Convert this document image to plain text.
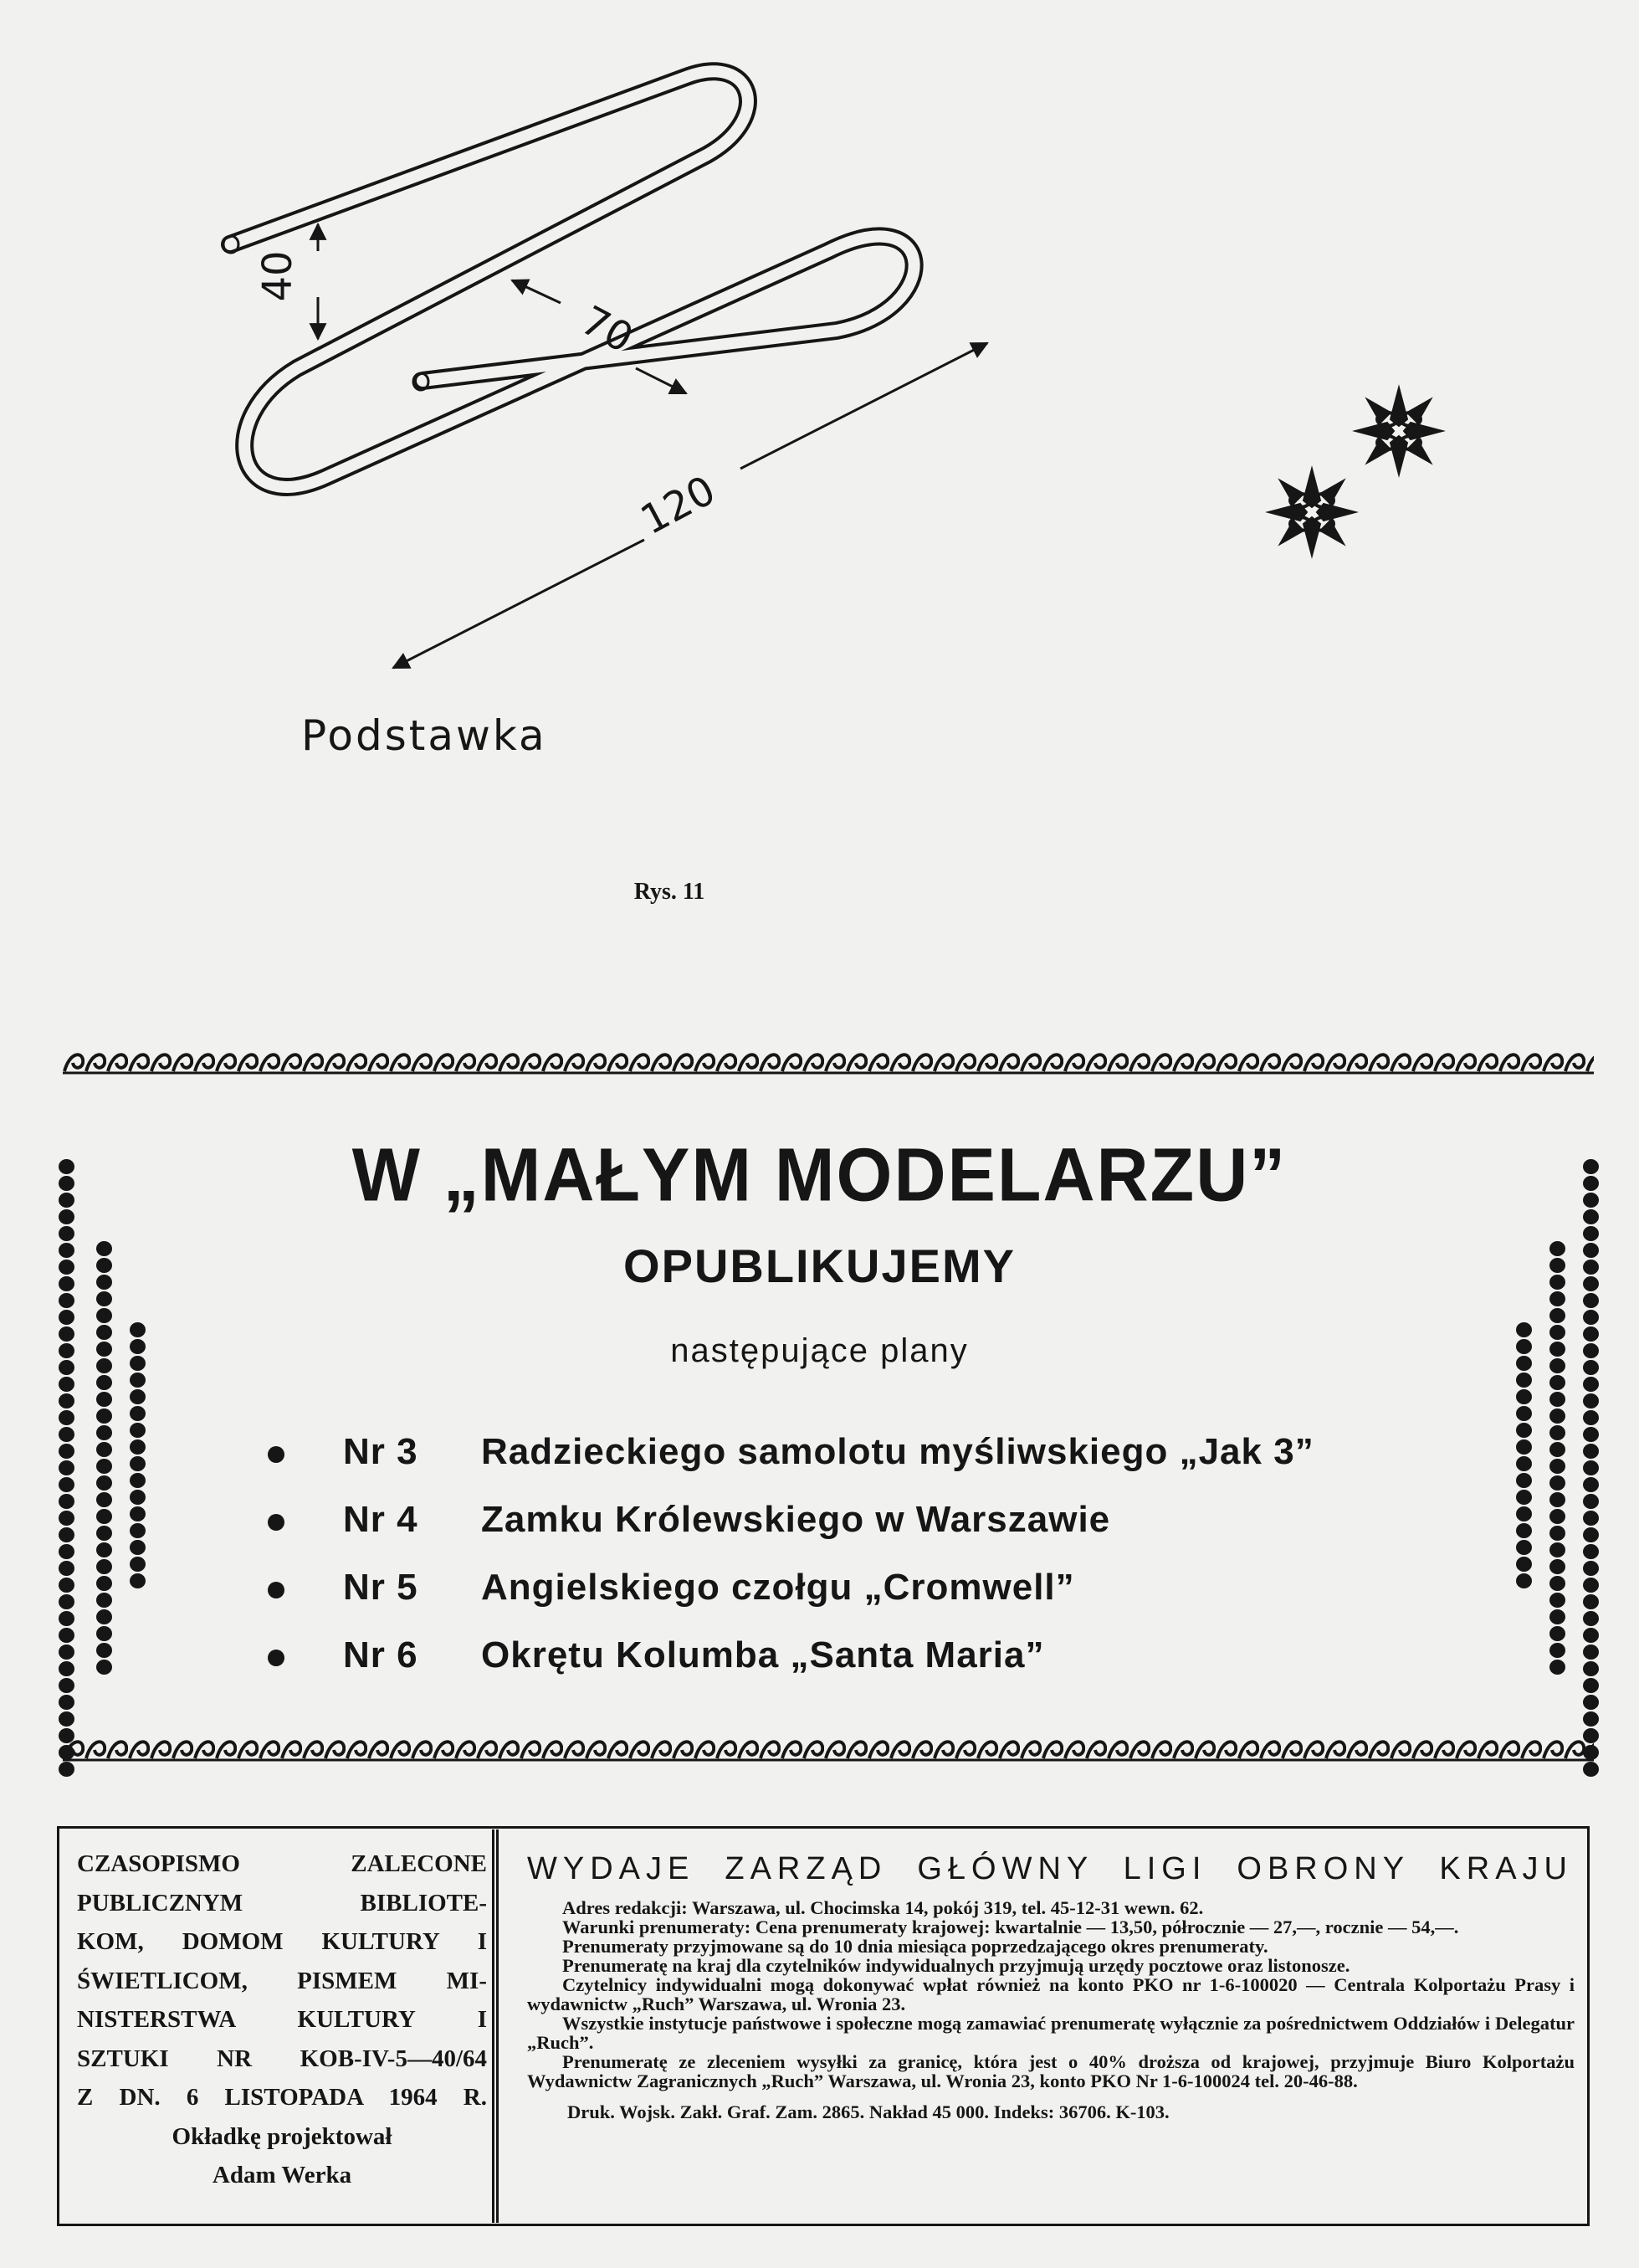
40
70
120
Podstawka
Rys. 11
W „MAŁYM MODELARZU”
OPUBLIKUJEMY
następujące plany
Nr 3 Radzieckiego samolotu myśliwskiego „Jak 3”
Nr 4 Zamku Królewskiego w Warszawie
Nr 5 Angielskiego czołgu „Cromwell”
Nr 6 Okrętu Kolumba „Santa Maria”
CZASOPISMO ZALECONE
PUBLICZNYM BIBLIOTE-
KOM, DOMOM KULTURY I
ŚWIETLICOM, PISMEM MI-
NISTERSTWA KULTURY I
SZTUKI NR KOB-IV-5—40/64
Z DN. 6 LISTOPADA 1964 R.
Okładkę projektował
Adam Werka
WYDAJE ZARZĄD GŁÓWNY LIGI OBRONY KRAJU

Adres redakcji: Warszawa, ul. Chocimska 14, pokój 319, tel. 45-12-31 wewn. 62.

Warunki prenumeraty: Cena prenumeraty krajowej: kwartalnie — 13,50, półrocznie — 27,—, rocznie — 54,—.

Prenumeraty przyjmowane są do 10 dnia miesiąca poprzedzającego okres prenumeraty.

Prenumeratę na kraj dla czytelników indywidualnych przyjmują urzędy pocztowe oraz listonosze.

Czytelnicy indywidualni mogą dokonywać wpłat również na konto PKO nr 1-6-100020 — Centrala Kolportażu Prasy i wydawnictw „Ruch” Warszawa, ul. Wronia 23.

Wszystkie instytucje państwowe i społeczne mogą zamawiać prenumeratę wyłącznie za pośrednictwem Oddziałów i Delegatur „Ruch”.

Prenumeratę ze zleceniem wysyłki za granicę, która jest o 40% droższa od krajowej, przyjmuje Biuro Kolportażu Wydawnictw Zagranicznych „Ruch” Warszawa, ul. Wronia 23, konto PKO Nr 1-6-100024 tel. 20-46-88.

Druk. Wojsk. Zakł. Graf. Zam. 2865. Nakład 45 000. Indeks: 36706. K-103.
